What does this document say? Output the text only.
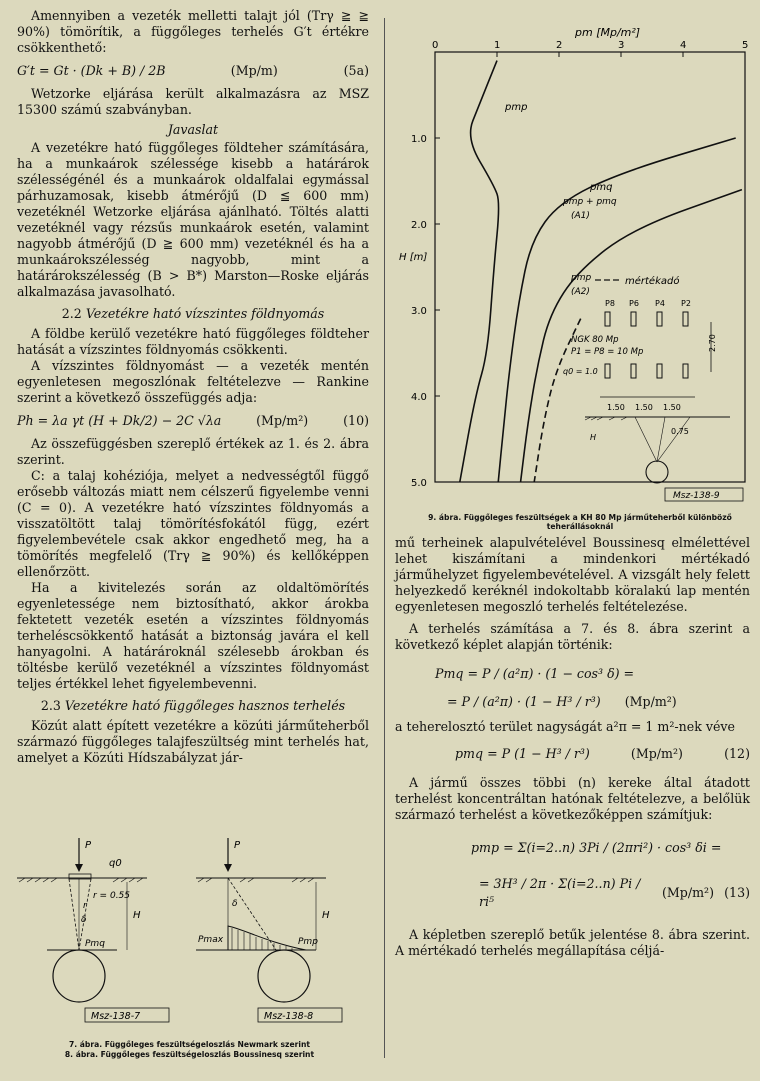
Amennyiben a vezeték melletti talajt jól (Trγ ≧ ≧ 90%) tömörítik, a függőleges terhelés G′t értékre csökkenthető:

G′t = Gt · (Dk + B) / 2B	(Mp/m)	(5a)

Wetzorke eljárása került alkalmazásra az MSZ 15300 számú szabványban.

Javaslat

A vezetékre ható függőleges földteher számítására, ha a munkaárok szélessége kisebb a határárok szélességénél és a munkaárok oldalfalai egymással párhuzamosak, kisebb átmérőjű (D ≦ 600 mm) vezetéknél Wetzorke eljárása ajánlható. Töltés alatti vezetéknél vagy rézsűs munkaárok esetén, valamint nagyobb átmérőjű (D ≧ 600 mm) vezetéknél és ha a munkaárokszélesség nagyobb, mint a határárokszélesség (B > B*) Marston—Roske eljárás alkalmazása javasolható.

2.2 Vezetékre ható vízszintes földnyomás

A földbe kerülő vezetékre ható függőleges földteher hatását a vízszintes földnyomás csökkenti.

A vízszintes földnyomást — a vezeték mentén egyenletesen megoszlónak feltételezve — Rankine szerint a következő összefüggés adja:

Ph = λa γt (H + Dk/2) − 2C √λa	(Mp/m²)	(10)

Az összefüggésben szereplő értékek az 1. és 2. ábra szerint.

C: a talaj kohéziója, melyet a nedvességtől függő erősebb változás miatt nem célszerű figyelembe venni (C = 0). A vezetékre ható vízszintes földnyomás a visszatöltött talaj tömörítésfokától függ, ezért figyelembevétele csak akkor engedhető meg, ha a tömörítés megfelelő (Trγ ≧ 90%) és kellőképpen ellenőrzött.

Ha a kivitelezés során az oldaltömörítés egyenletessége nem biztosítható, akkor árokba fektetett vezeték esetén a vízszintes földnyomás terheléscsökkentő hatását a biztonság javára el kell hanyagolni. A határároknál szélesebb árokban és töltésbe kerülő vezetéknél a vízszintes földnyomást teljes értékkel lehet figyelembevenni.

2.3 Vezetékre ható függőleges hasznos terhelés

Közút alatt épített vezetékre a közúti járműteherből származó függőleges talajfeszültség mint terhelés hat, amelyet a Közúti Hídszabályzat jár-

pm [Mp/m²]
0	1	2	3	4	5
1.0
2.0
3.0
4.0
5.0
H [m]
pmp
pmq
pmp + pmq
(A1)
pmp
(A2)
mértékadó
P8 P6 P4 P2
NGK 80 Mp
P1 = P8 = 10 Mp	2.70
q0 = 1.0
1.50 1.50 1.50
H
0.75
Msz-138-9
9. ábra. Függőleges feszültségek a KH 80 Mp járműteherből különböző teherállásoknál

mű terheinek alapulvételével Boussinesq elmélettével lehet kiszámítani a mindenkori mértékadó járműhelyzet figyelembevételével. A vizsgált hely felett helyezkedő keréknél indokoltabb köralakú lap mentén egyenletesen megoszló terhelés feltételezése.

A terhelés számítása a 7. és 8. ábra szerint a következő képlet alapján történik:

Pmq = P / (a²π) · (1 − cos³ δ) =
= P / (a²π) · (1 − H³ / r³) (Mp/m²)

a teherelosztó terület nagyságát a²π = 1 m²-nek véve

pmq = P (1 − H³ / r³)	(Mp/m²)	(12)

A jármű összes többi (n) kereke által átadott terhelést koncentráltan hatónak feltételezve, a belőlük származó terhelést a következőképpen számítjuk:

pmp = Σ(i=2..n) 3Pi / (2πri²) · cos³ δi =
= 3H³ / 2π · Σ(i=2..n) Pi / ri⁵
(Mp/m²) (13)

A képletben szereplő betűk jelentése 8. ábra szerint. A mértékadó terhelés megállapítása céljá-

P
q0
r = 0.55
r
δ	H
Pmq
Msz-138-7
P
δ
H
Pmax	Pmp
Msz-138-8
7. ábra. Függőleges feszültségeloszlás Newmark szerint
8. ábra. Függőleges feszültségeloszlás Boussinesq szerint
